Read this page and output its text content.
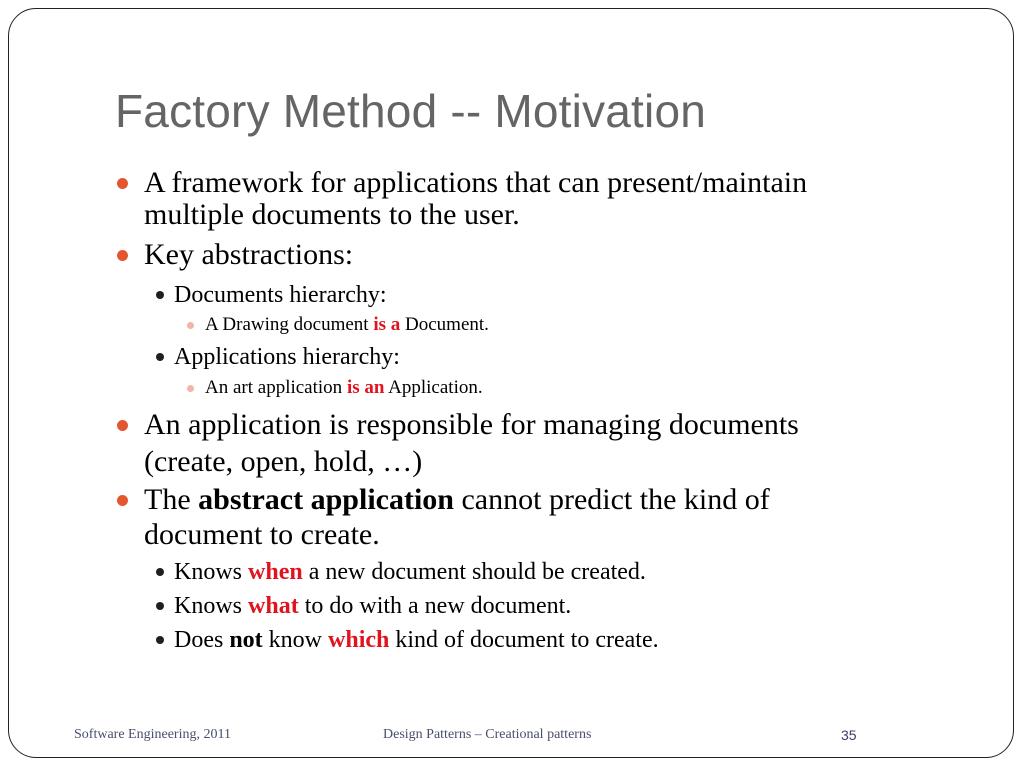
Factory Method -- Motivation
A framework for applications that can present/maintain
multiple documents to the user.
Key abstractions:
Documents hierarchy:
A Drawing document is a Document.
Applications hierarchy:
An art application is an Application.
An application is responsible for managing documents
(create, open, hold, …)
The abstract application cannot predict the kind of
document to create.
Knows when a new document should be created.
Knows what to do with a new document.
Does not know which kind of document to create.
Software Engineering, 2011	Design Patterns – Creational patterns	35
